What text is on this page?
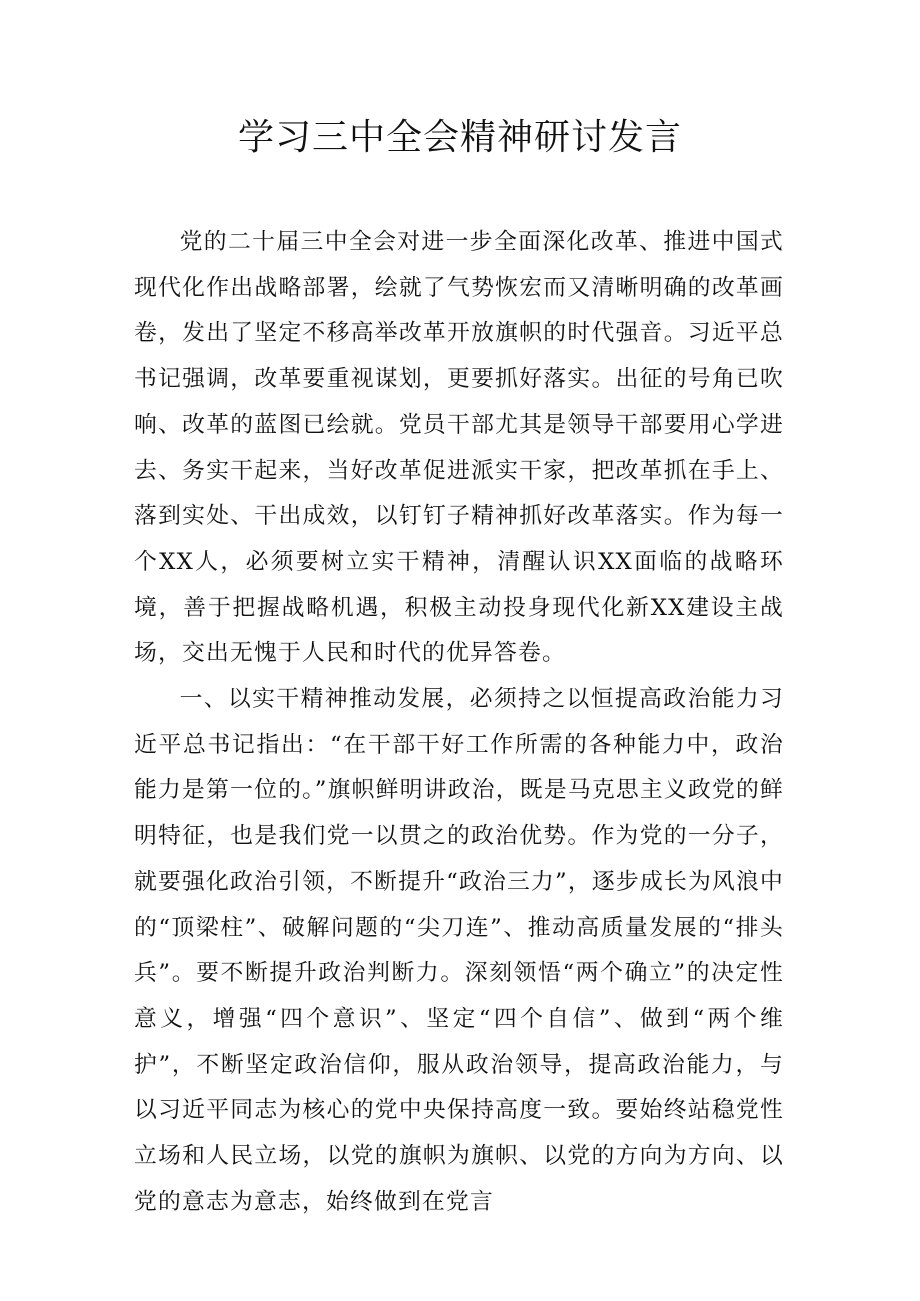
学习三中全会精神研讨发言

党的二十届三中全会对进一步全面深化改革、推进中国式现代化作出战略部署，绘就了气势恢宏而又清晰明确的改革画卷，发出了坚定不移高举改革开放旗帜的时代强音。习近平总书记强调，改革要重视谋划，更要抓好落实。出征的号角已吹响、改革的蓝图已绘就。党员干部尤其是领导干部要用心学进去、务实干起来，当好改革促进派实干家，把改革抓在手上、落到实处、干出成效，以钉钉子精神抓好改革落实。作为每一个XX人，必须要树立实干精神，清醒认识XX面临的战略环境，善于把握战略机遇，积极主动投身现代化新XX建设主战场，交出无愧于人民和时代的优异答卷。

一、以实干精神推动发展，必须持之以恒提高政治能力习近平总书记指出：“在干部干好工作所需的各种能力中，政治能力是第一位的。”旗帜鲜明讲政治，既是马克思主义政党的鲜明特征，也是我们党一以贯之的政治优势。作为党的一分子，就要强化政治引领，不断提升“政治三力”，逐步成长为风浪中的“顶梁柱”、破解问题的“尖刀连”、推动高质量发展的“排头兵”。要不断提升政治判断力。深刻领悟“两个确立”的决定性意义，增强“四个意识”、坚定“四个自信”、做到“两个维护”，不断坚定政治信仰，服从政治领导，提高政治能力，与以习近平同志为核心的党中央保持高度一致。要始终站稳党性立场和人民立场，以党的旗帜为旗帜、以党的方向为方向、以党的意志为意志，始终做到在党言
